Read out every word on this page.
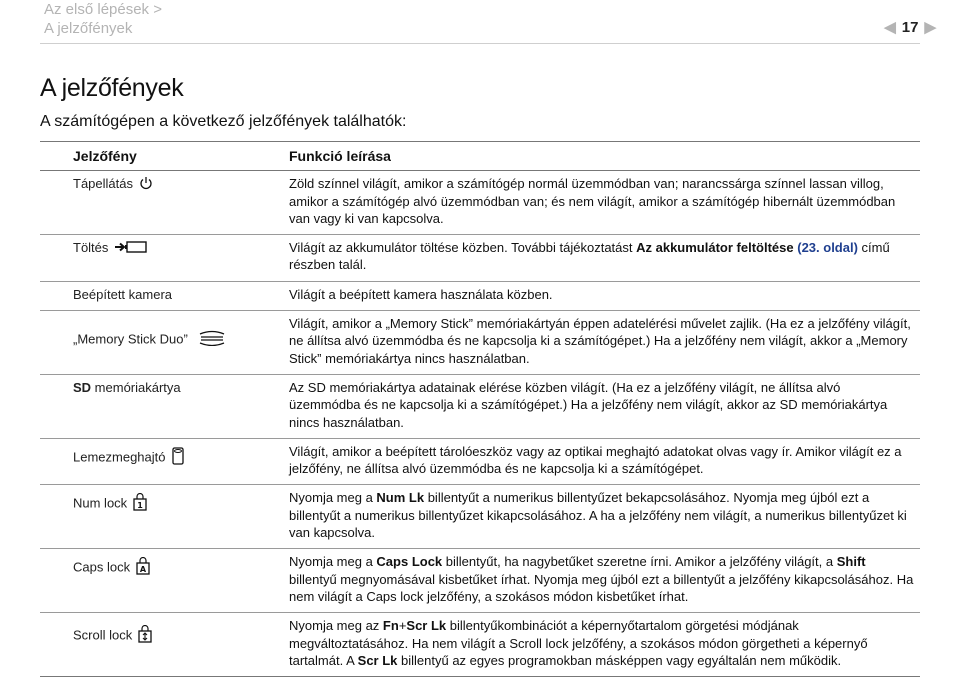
Az első lépések >
A jelzőfények	◀ 17 ▶
A jelzőfények
A számítógépen a következő jelzőfények találhatók:
Jelzőfény	Funkció leírása
Tápellátás	Zöld színnel világít, amikor a számítógép normál üzemmódban van; narancssárga színnel lassan villog, amikor a számítógép alvó üzemmódban van; és nem világít, amikor a számítógép hibernált üzemmódban van vagy ki van kapcsolva.
Töltés	Világít az akkumulátor töltése közben. További tájékoztatást Az akkumulátor feltöltése (23. oldal) című részben talál.
Beépített kamera	Világít a beépített kamera használata közben.
„Memory Stick Duo”	Világít, amikor a „Memory Stick” memóriakártyán éppen adatelérési művelet zajlik. (Ha ez a jelzőfény világít, ne állítsa alvó üzemmódba és ne kapcsolja ki a számítógépet.) Ha a jelzőfény nem világít, akkor a „Memory Stick” memóriakártya nincs használatban.
SD memóriakártya	Az SD memóriakártya adatainak elérése közben világít. (Ha ez a jelzőfény világít, ne állítsa alvó üzemmódba és ne kapcsolja ki a számítógépet.) Ha a jelzőfény nem világít, akkor az SD memóriakártya nincs használatban.
Lemezmeghajtó	Világít, amikor a beépített tárolóeszköz vagy az optikai meghajtó adatokat olvas vagy ír. Amikor világít ez a jelzőfény, ne állítsa alvó üzemmódba és ne kapcsolja ki a számítógépet.
Num lock 1	Nyomja meg a Num Lk billentyűt a numerikus billentyűzet bekapcsolásához. Nyomja meg újból ezt a billentyűt a numerikus billentyűzet kikapcsolásához. A ha a jelzőfény nem világít, a numerikus billentyűzet ki van kapcsolva.
Caps lock A	Nyomja meg a Caps Lock billentyűt, ha nagybetűket szeretne írni. Amikor a jelzőfény világít, a Shift billentyű megnyomásával kisbetűket írhat. Nyomja meg újból ezt a billentyűt a jelzőfény kikapcsolásához. Ha nem világít a Caps lock jelzőfény, a szokásos módon kisbetűket írhat.
Scroll lock	Nyomja meg az Fn+Scr Lk billentyűkombinációt a képernyőtartalom görgetési módjának megváltoztatásához. Ha nem világít a Scroll lock jelzőfény, a szokásos módon görgetheti a képernyő tartalmát. A Scr Lk billentyű az egyes programokban másképpen vagy egyáltalán nem működik.
